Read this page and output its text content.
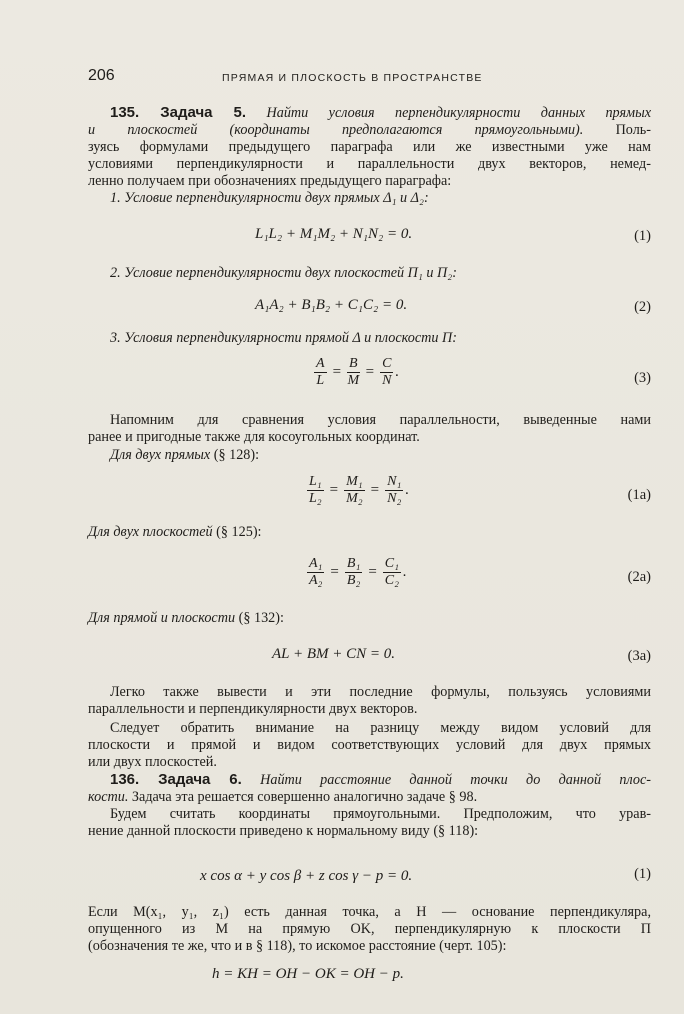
206	ПРЯМАЯ И ПЛОСКОСТЬ В ПРОСТРАНСТВЕ
135. Задача 5. Найти условия перпендикулярности данных прямых
и плоскостей (координаты предполагаются прямоугольными). Поль-
зуясь формулами предыдущего параграфа или же известными уже нам
условиями перпендикулярности и параллельности двух векторов, немед-
ленно получаем при обозначениях предыдущего параграфа:
1. Условие перпендикулярности двух прямых Δ₁ и Δ₂:
L₁L₂ + M₁M₂ + N₁N₂ = 0.	(1)
2. Условие перпендикулярности двух плоскостей Π₁ и Π₂:
A₁A₂ + B₁B₂ + C₁C₂ = 0.	(2)
3. Условия перпендикулярности прямой Δ и плоскости Π:
$\frac{A}{L} = \frac{B}{M} = \frac{C}{N}$ .	(3)
Напомним для сравнения условия параллельности, выведенные нами
ранее и пригодные также для косоугольных координат.
Для двух прямых (§ 128):
$\frac{\text{L₁}}{\text{L₂}} = \frac{\text{M₁}}{\text{M₂}} = \frac{\text{N₁}}{\text{N₂}}$ .	(1a)
Для двух плоскостей (§ 125):
$\frac{\text{A₁}}{\text{A₂}} = \frac{\text{B₁}}{\text{B₂}} = \frac{\text{C₁}}{\text{C₂}}$ .	(2a)
Для прямой и плоскости (§ 132):
AL + BM + CN = 0.	(3a)
Легко также вывести и эти последние формулы, пользуясь условиями
параллельности и перпендикулярности двух векторов.
Следует обратить внимание на разницу между видом условий для
плоскости и прямой и видом соответствующих условий для двух прямых
или двух плоскостей.
136. Задача 6. Найти расстояние данной точки до данной плос-
кости. Задача эта решается совершенно аналогично задаче § 98.
Будем считать координаты прямоугольными. Предположим, что урав-
нение данной плоскости приведено к нормальному виду (§ 118):
x cos α + y cos β + z cos γ − p = 0.	(1)
Если M(x₁, y₁, z₁) есть данная точка, а H — основание перпендикуляра,
опущенного из M на прямую OK, перпендикулярную к плоскости Π
(обозначения те же, что и в § 118), то искомое расстояние (черт. 105):
h = KH = OH − OK = OH − p.
